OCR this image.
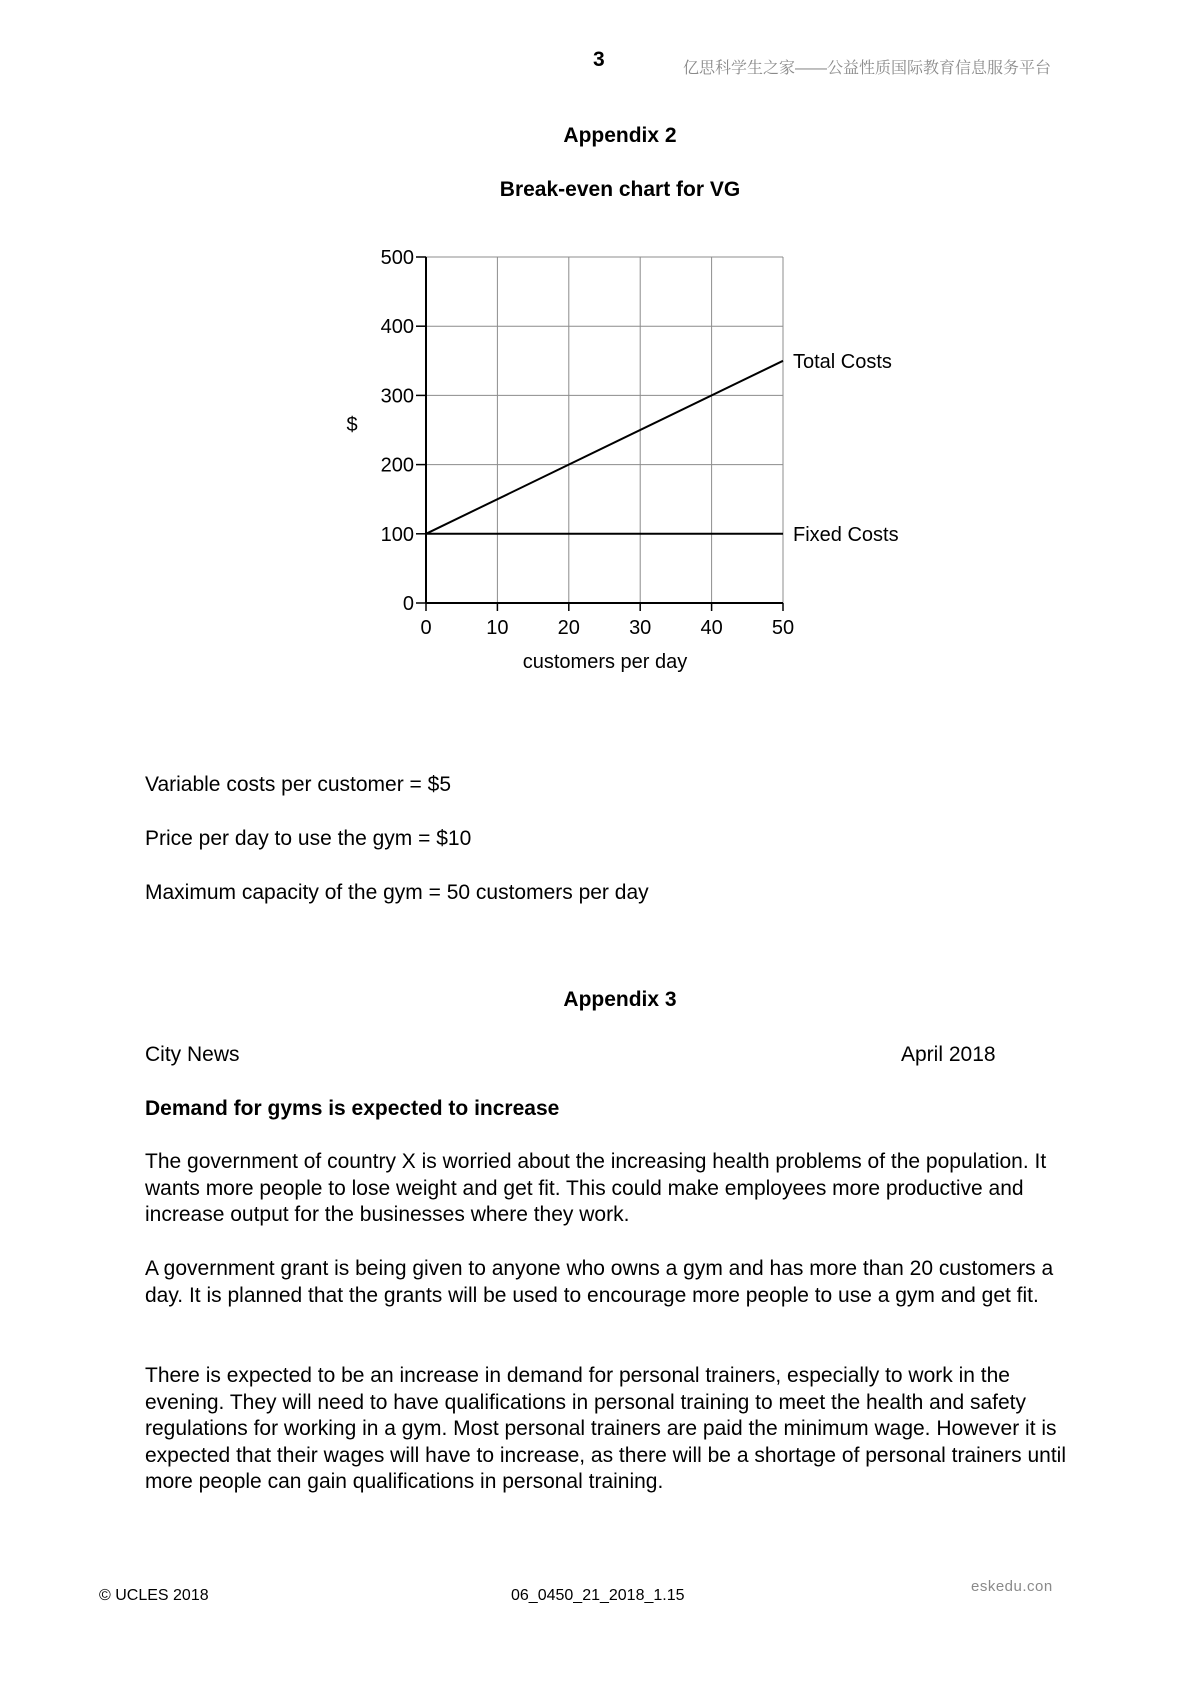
3	亿思科学生之家——公益性质国际教育信息服务平台
Appendix 2
Break-even chart for VG
0	10 20 30 40 50
0
100
200
300
400
500
Total Costs
Fixed Costs
$
customers per day
Variable costs per customer = $5
Price per day to use the gym = $10
Maximum capacity of the gym = 50 customers per day
Appendix 3
City News	April 2018
Demand for gyms is expected to increase

The government of country X is worried about the increasing health problems of the population. It wants more people to lose weight and get fit. This could make employees more productive and increase output for the businesses where they work.

A government grant is being given to anyone who owns a gym and has more than 20 customers a day. It is planned that the grants will be used to encourage more people to use a gym and get fit.

There is expected to be an increase in demand for personal trainers, especially to work in the evening. They will need to have qualifications in personal training to meet the health and safety regulations for working in a gym. Most personal trainers are paid the minimum wage. However it is expected that their wages will have to increase, as there will be a shortage of personal trainers until more people can gain qualifications in personal training.

© UCLES 2018	06_0450_21_2018_1.15
eskedu.con
